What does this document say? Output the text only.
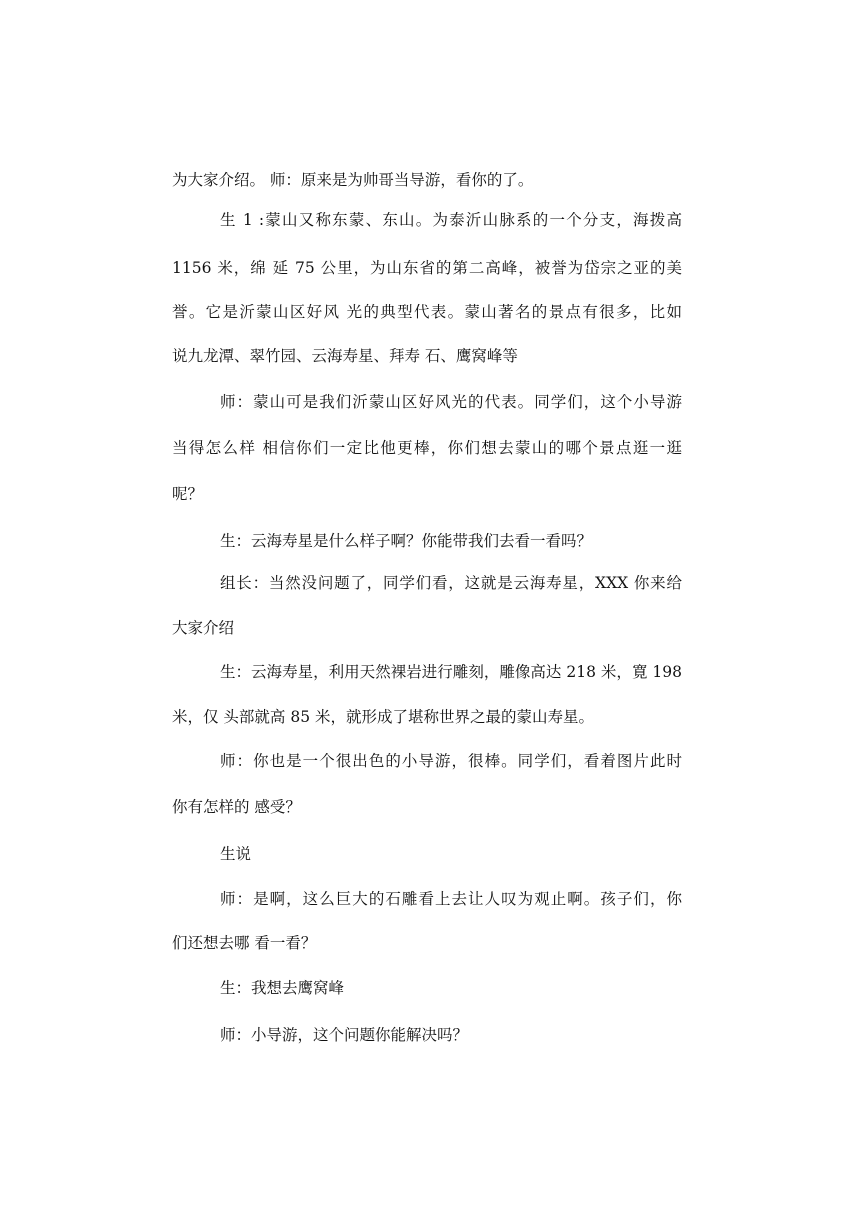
为大家介绍。 师：原来是为帅哥当导游，看你的了。
生 1 :蒙山又称东蒙、东山。为泰沂山脉系的一个分支，海拨高
1156 米，绵 延 75 公里，为山东省的第二高峰，被誉为岱宗之亚的美
誉。它是沂蒙山区好风 光的典型代表。蒙山著名的景点有很多，比如
说九龙潭、翠竹园、云海寿星、拜寿 石、鹰窝峰等
师：蒙山可是我们沂蒙山区好风光的代表。同学们，这个小导游
当得怎么样 相信你们一定比他更棒，你们想去蒙山的哪个景点逛一逛
呢？
生：云海寿星是什么样子啊？你能带我们去看一看吗？
组长：当然没问题了，同学们看，这就是云海寿星，XXX 你来给
大家介绍
生：云海寿星，利用天然裸岩进行雕刻，雕像高达 218 米，寛 198
米，仅 头部就高 85 米，就形成了堪称世界之最的蒙山寿星。
师：你也是一个很出色的小导游，很棒。同学们，看着图片此时
你有怎样的 感受？
生说
师：是啊，这么巨大的石雕看上去让人叹为观止啊。孩子们，你
们还想去哪 看一看？
生：我想去鹰窝峰
师：小导游，这个问题你能解决吗？
